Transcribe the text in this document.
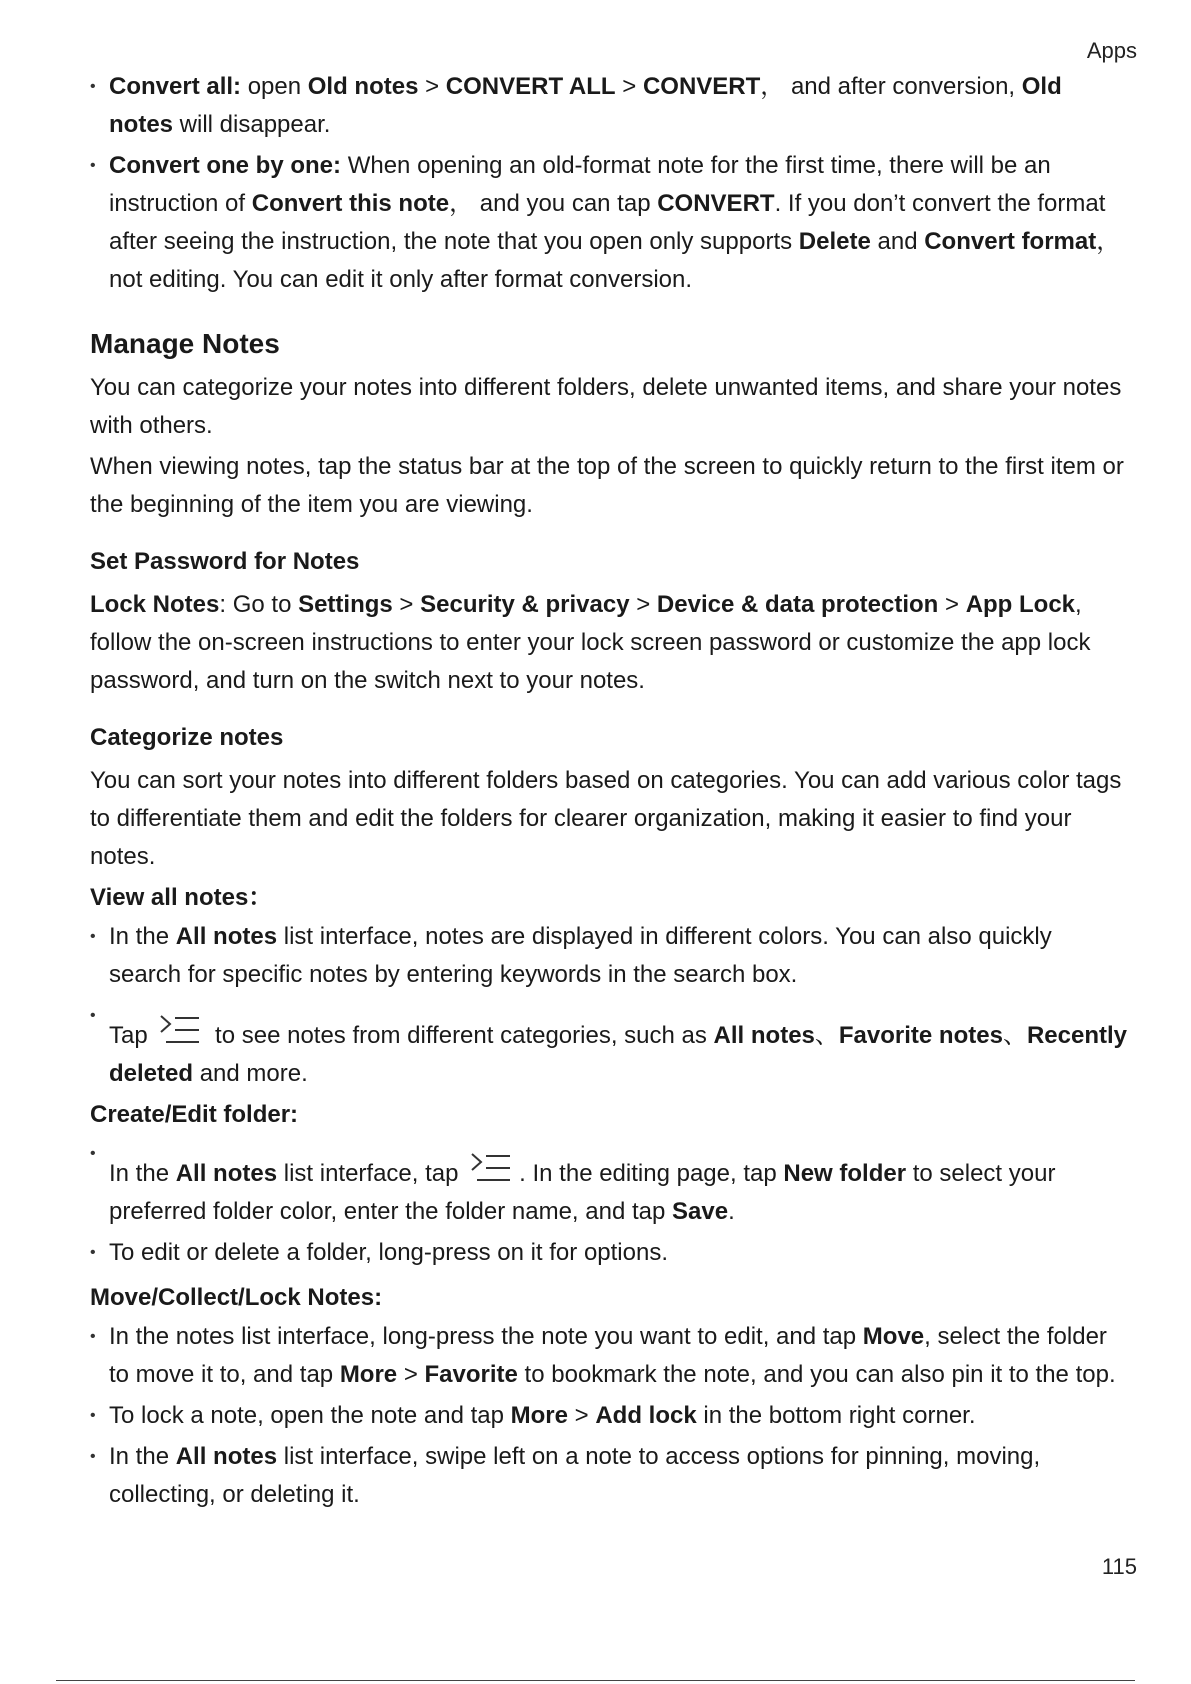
Apps
• Convert all: open Old notes > CONVERT ALL > CONVERT， and after conversion, Old notes will disappear.
• Convert one by one: When opening an old-format note for the first time, there will be an instruction of Convert this note， and you can tap CONVERT. If you don’t convert the format after seeing the instruction, the note that you open only supports Delete and Convert format， not editing. You can edit it only after format conversion.
Manage Notes

You can categorize your notes into different folders, delete unwanted items, and share your notes with others.

When viewing notes, tap the status bar at the top of the screen to quickly return to the first item or the beginning of the item you are viewing.

Set Password for Notes

Lock Notes: Go to Settings > Security & privacy > Device & data protection > App Lock, follow the on-screen instructions to enter your lock screen password or customize the app lock password, and turn on the switch next to your notes.

Categorize notes

You can sort your notes into different folders based on categories. You can add various color tags to differentiate them and edit the folders for clearer organization, making it easier to find your notes.

View all notes：
• In the All notes list interface, notes are displayed in different colors. You can also quickly search for specific notes by entering keywords in the search box.
• Tap  to see notes from different categories, such as All notes、Favorite notes、Recently deleted and more.
Create/Edit folder:
• In the All notes list interface, tap . In the editing page, tap New folder to select your preferred folder color, enter the folder name, and tap Save.
• To edit or delete a folder, long-press on it for options.
Move/Collect/Lock Notes:
• In the notes list interface, long-press the note you want to edit, and tap Move, select the folder to move it to, and tap More > Favorite to bookmark the note, and you can also pin it to the top.
• To lock a note, open the note and tap More > Add lock in the bottom right corner.
• In the All notes list interface, swipe left on a note to access options for pinning, moving, collecting, or deleting it.
115
